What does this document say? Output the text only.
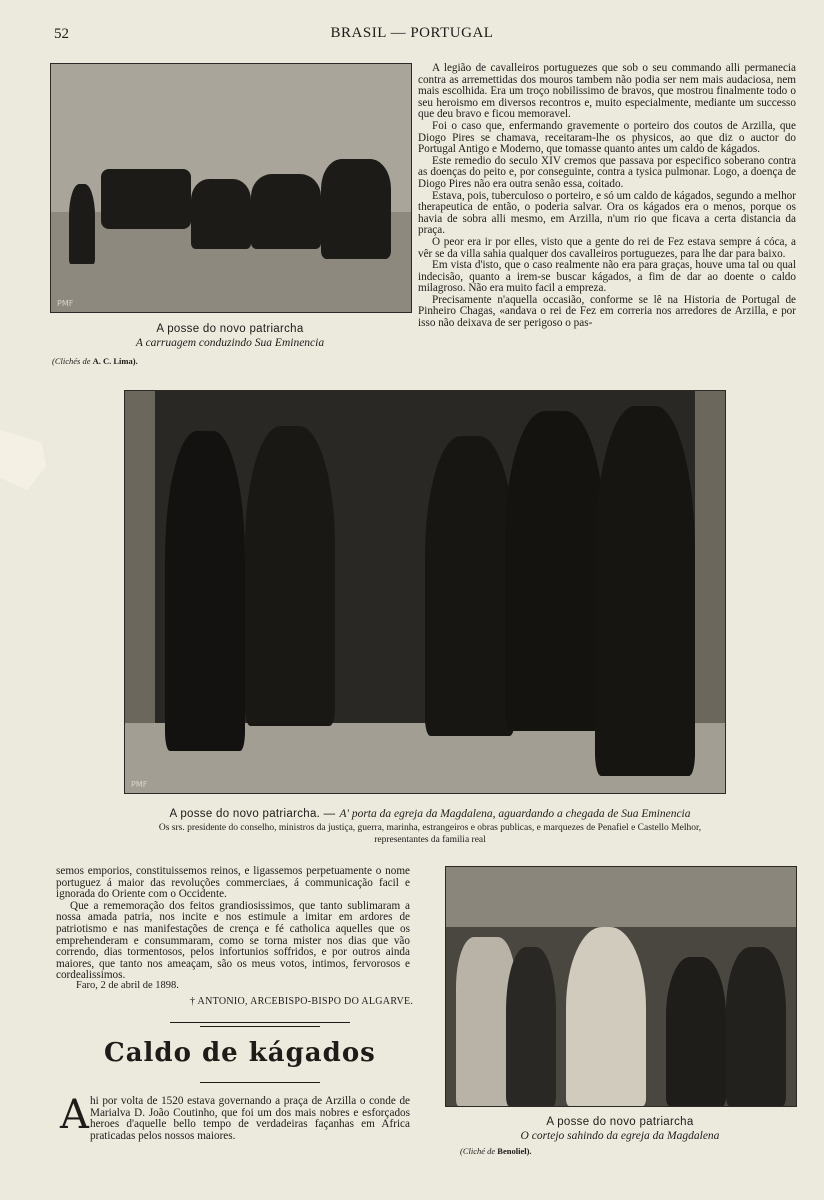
52	BRASIL — PORTUGAL
PMF
A posse do novo patriarcha
A carruagem conduzindo Sua Eminencia
(Clichés de A. C. Lima).

A legião de cavalleiros portuguezes que sob o seu commando alli permanecia contra as arremettidas dos mouros tambem não podia ser nem mais audaciosa, nem mais escolhida. Era um troço nobilissimo de bravos, que mostrou finalmente todo o seu heroismo em diversos recontros e, muito especialmente, mediante um successo que deu bravo e ficou memoravel.

Foi o caso que, enfermando gravemente o porteiro dos coutos de Arzilla, que Diogo Pires se chamava, receitaram-lhe os physicos, ao que diz o auctor do Portugal Antigo e Moderno, que tomasse quanto antes um caldo de kágados.

Este remedio do seculo XIV cremos que passava por especifico soberano contra as doenças do peito e, por conseguinte, contra a tysica pulmonar. Logo, a doença de Diogo Pires não era outra senão essa, coitado.

Estava, pois, tuberculoso o porteiro, e só um caldo de kágados, segundo a melhor therapeutica de então, o poderia salvar. Ora os kágados era o menos, porque os havia de sobra alli mesmo, em Arzilla, n'um rio que ficava a certa distancia da praça.

O peor era ir por elles, visto que a gente do rei de Fez estava sempre á cóca, a vêr se da villa sahia qualquer dos cavalleiros portuguezes, para lhe dar para baixo.

Em vista d'isto, que o caso realmente não era para graças, houve uma tal ou qual indecisão, quanto a irem-se buscar kágados, a fim de dar ao doente o caldo milagroso. Não era muito facil a empreza.

Precisamente n'aquella occasião, conforme se lê na Historia de Portugal de Pinheiro Chagas, «andava o rei de Fez em correria nos arredores de Arzilla, e por isso não deixava de ser perigoso o pas-

PMF
A posse do novo patriarcha. — A' porta da egreja da Magdalena, aguardando a chegada de Sua Eminencia
Os srs. presidente do conselho, ministros da justiça, guerra, marinha, estrangeiros e obras publicas, e marquezes de Penafiel e Castello Melhor,
representantes da familia real

semos emporios, constituissemos reinos, e ligassemos perpetuamente o nome portuguez á maior das revoluções commerciaes, á communicação facil e ignorada do Oriente com o Occidente.

Que a rememoração dos feitos grandiosissimos, que tanto sublimaram a nossa amada patria, nos incite e nos estimule a imitar em ardores de patriotismo e nas manifestações de crença e fé catholica aquelles que os emprehenderam e consummaram, como se torna mister nos dias que vão correndo, dias tormentosos, pelos infortunios soffridos, e por outros ainda maiores, que tanto nos ameaçam, são os meus votos, intimos, fervorosos e cordealissimos.

Faro, 2 de abril de 1898.
† ANTONIO, ARCEBISPO-BISPO DO ALGARVE.
Caldo de kágados
A hi por volta de 1520 estava governando a praça de Arzilla o conde de Marialva D. João Coutinho, que foi um dos mais nobres e esforçados heroes d'aquelle bello tempo de verdadeiras façanhas em Africa praticadas pelos nossos maiores.
A posse do novo patriarcha
O cortejo sahindo da egreja da Magdalena
(Cliché de Benoliel).
